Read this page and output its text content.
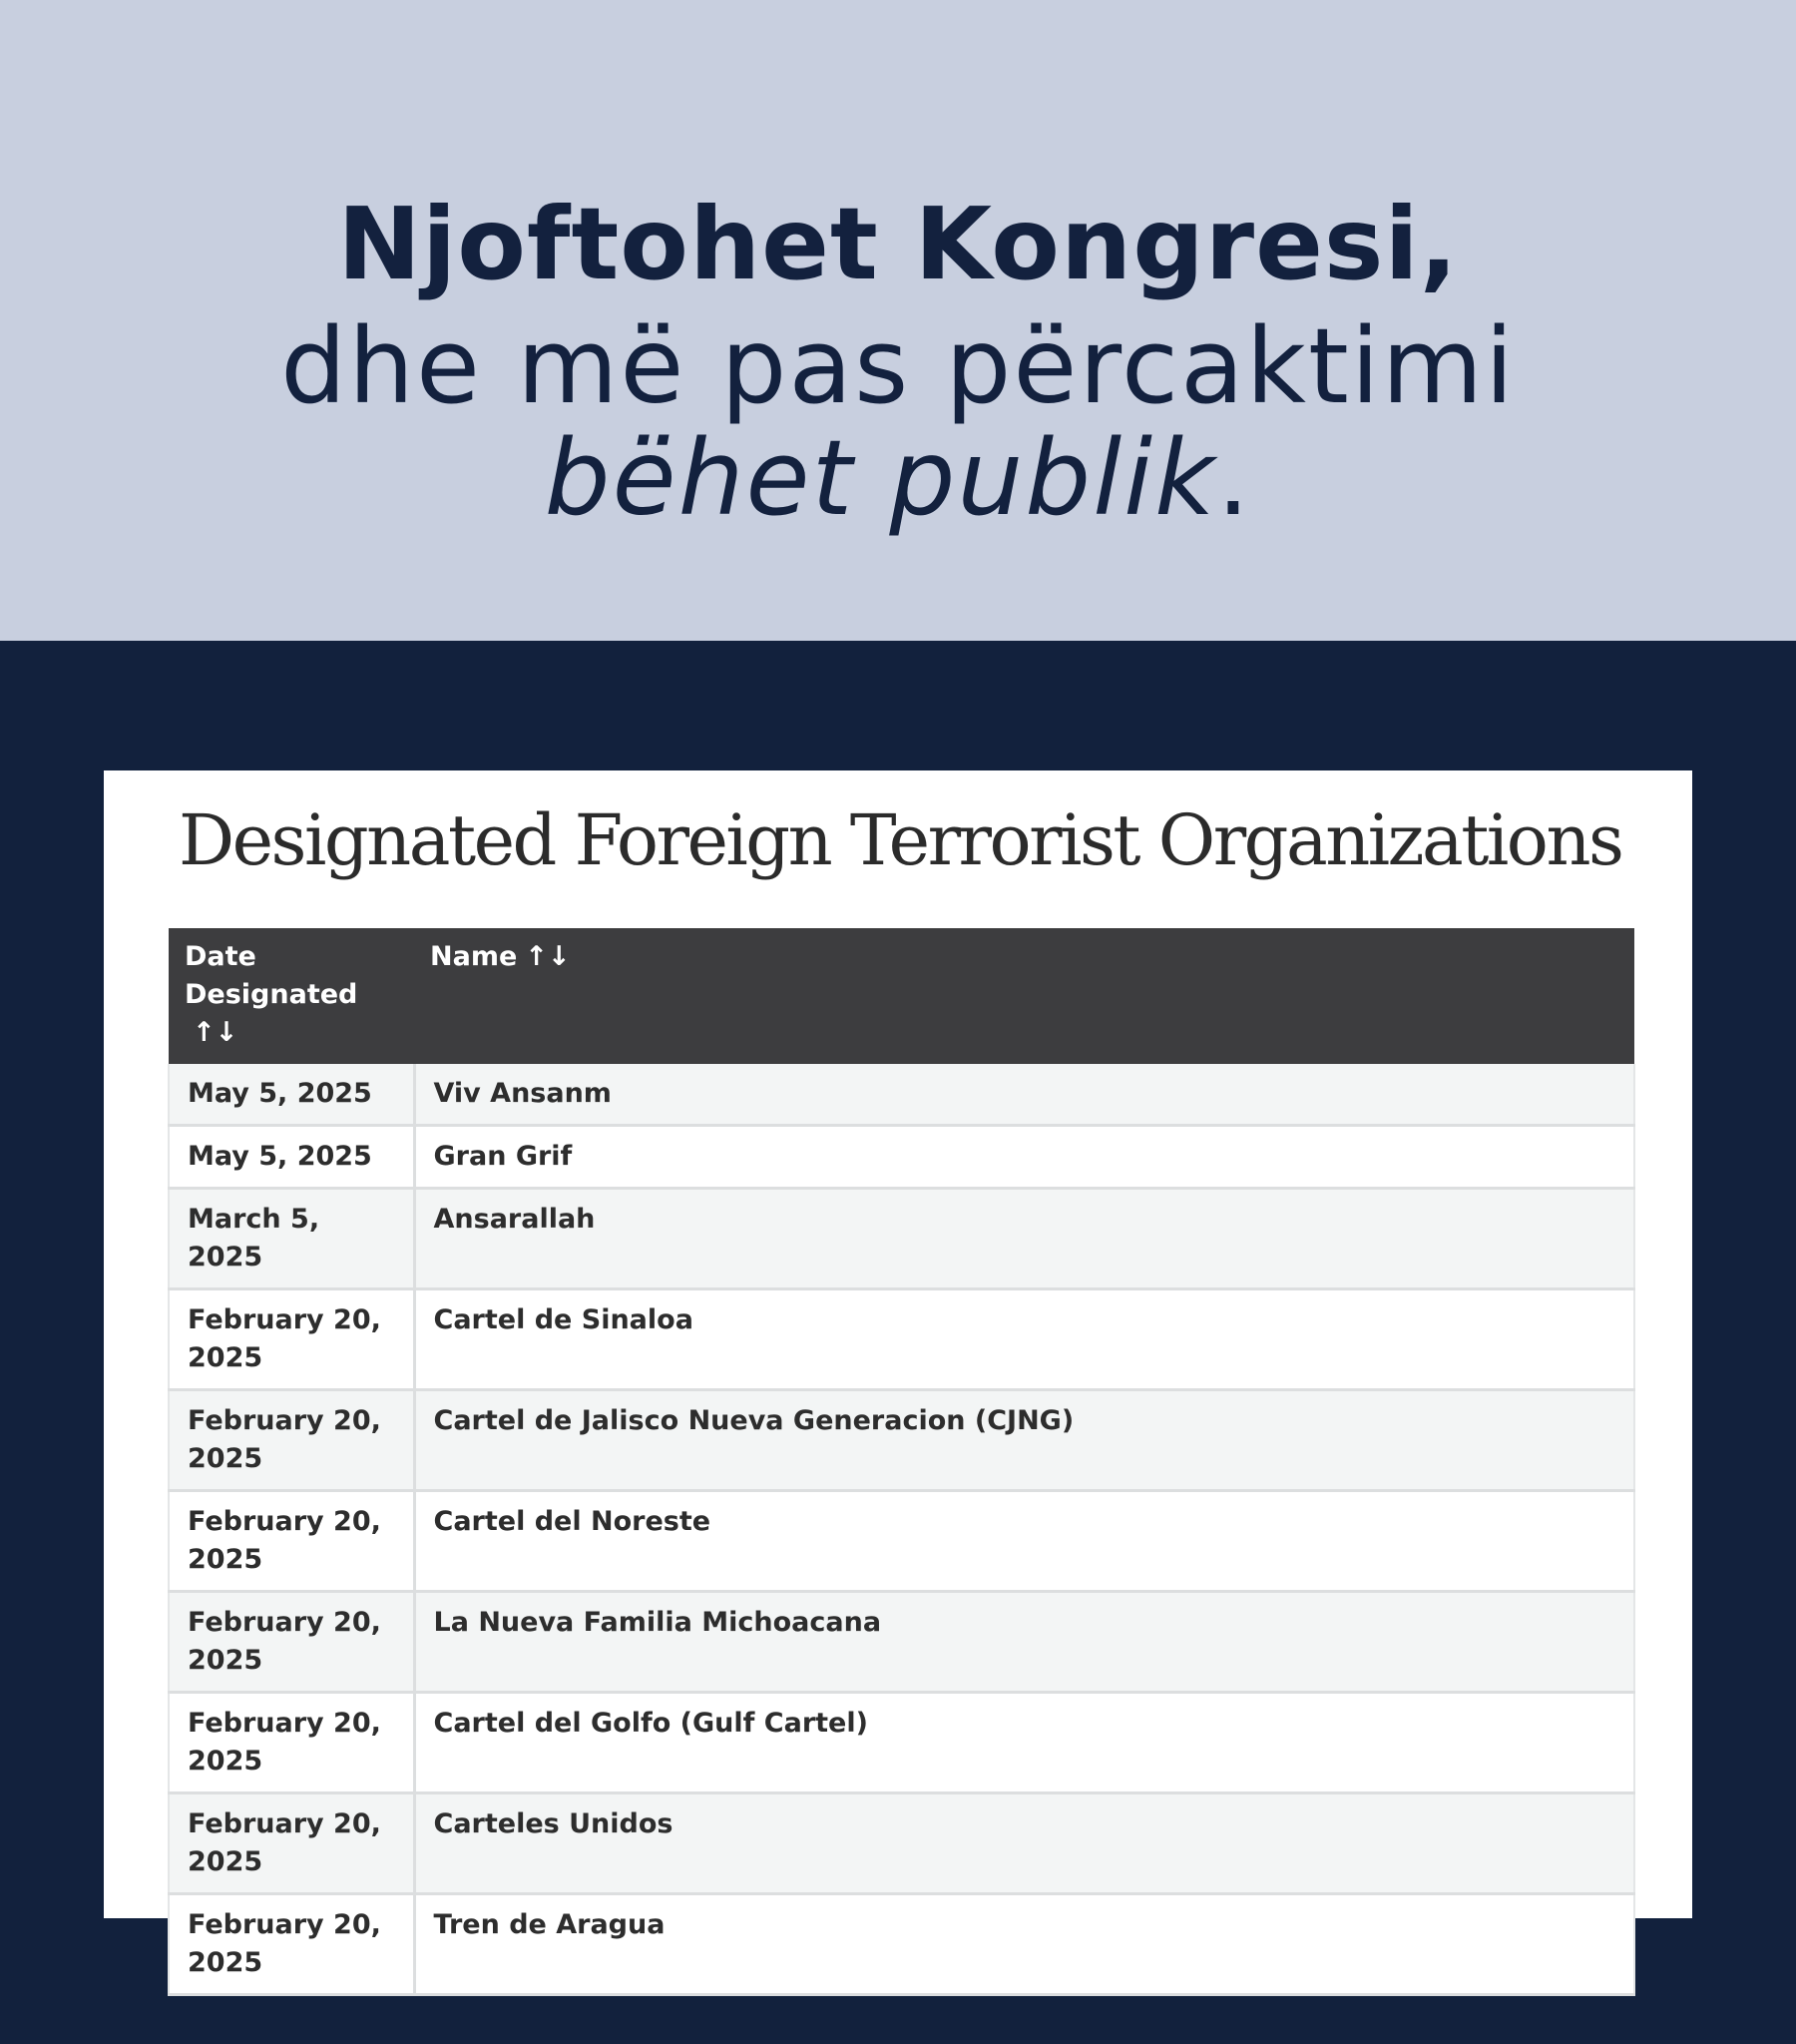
Njoftohet Kongresi,
dhe më pas përcaktimi
bëhet publik.
Designated Foreign Terrorist Organizations
Date
Designated↑↓	Name ↑↓
May 5, 2025	Viv Ansanm
May 5, 2025	Gran Grif
March 5, 2025	Ansarallah
February 20, 2025	Cartel de Sinaloa
February 20, 2025	Cartel de Jalisco Nueva Generacion (CJNG)
February 20, 2025	Cartel del Noreste
February 20, 2025	La Nueva Familia Michoacana
February 20, 2025	Cartel del Golfo (Gulf Cartel)
February 20, 2025	Carteles Unidos
February 20, 2025	Tren de Aragua
